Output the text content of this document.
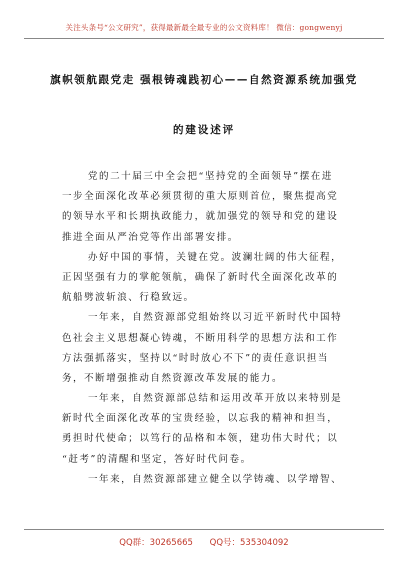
关注头条号“公文研究”，获得最新最全最专业的公文资料库！ 微信：gongwenyj
旗帜领航跟党走 强根铸魂践初心——自然资源系统加强党
的建设述评
党的二十届三中全会把“坚持党的全面领导”摆在进
一步全面深化改革必须贯彻的重大原则首位，聚焦提高党
的领导水平和长期执政能力，就加强党的领导和党的建设
推进全面从严治党等作出部署安排。
办好中国的事情，关键在党。波澜壮阔的伟大征程，
正因坚强有力的掌舵领航，确保了新时代全面深化改革的
航船劈波斩浪、行稳致远。
一年来，自然资源部党组始终以习近平新时代中国特
色社会主义思想凝心铸魂，不断用科学的思想方法和工作
方法强抓落实，坚持以“时时放心不下”的责任意识担当
务，不断增强推动自然资源改革发展的能力。
一年来，自然资源部总结和运用改革开放以来特别是
新时代全面深化改革的宝贵经验，以忘我的精神和担当，
勇担时代使命；以笃行的品格和本领，建功伟大时代；以
“赶考”的清醒和坚定，答好时代问卷。
一年来，自然资源部建立健全以学铸魂、以学增智、
QQ群：30265665 QQ号：535304092
